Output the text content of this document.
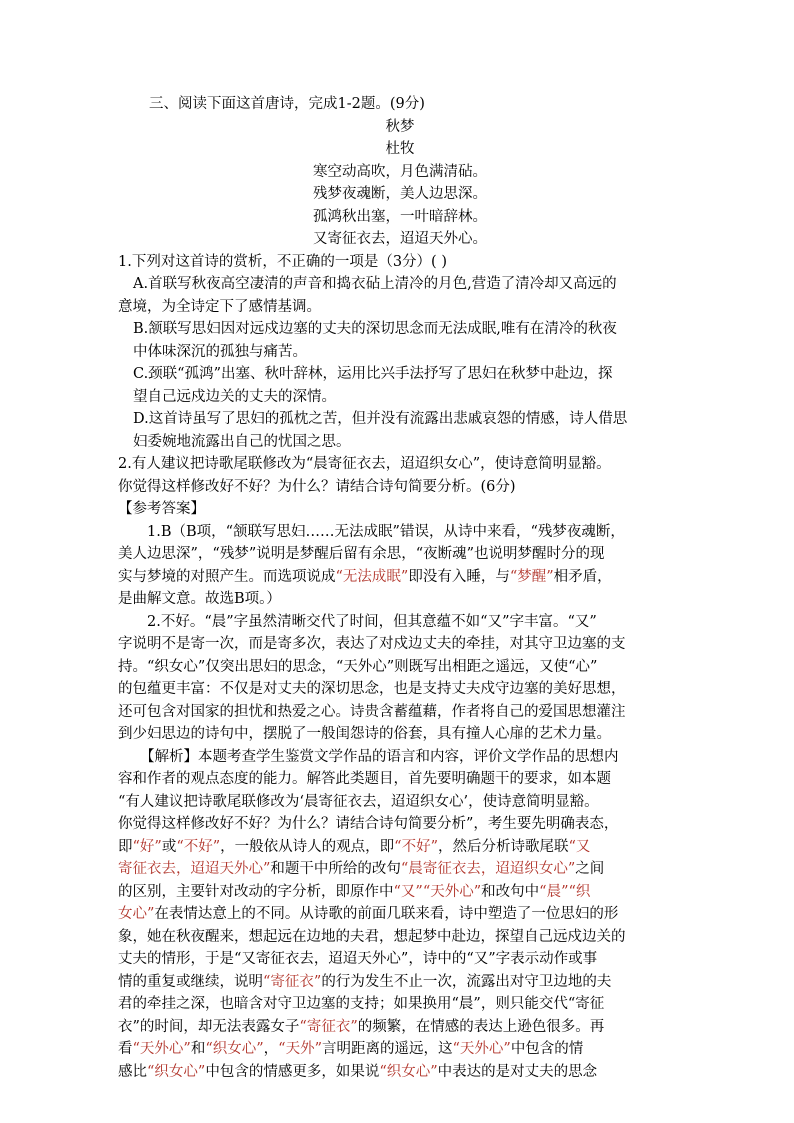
三、阅读下面这首唐诗，完成1-2题。(9分)
秋梦
杜牧
寒空动高吹，月色满清砧。
残梦夜魂断，美人边思深。
孤鸿秋出塞，一叶暗辞林。
又寄征衣去，迢迢天外心。
1.下列对这首诗的赏析，不正确的一项是（3分）( )
A.首联写秋夜高空凄清的声音和捣衣砧上清冷的月色,营造了清冷却又高远的
意境，为全诗定下了感情基调。
B.颔联写思妇因对远戍边塞的丈夫的深切思念而无法成眠,唯有在清冷的秋夜
中体味深沉的孤独与痛苦。
C.颈联“孤鸿”出塞、秋叶辞林，运用比兴手法抒写了思妇在秋梦中赴边，探
望自己远戍边关的丈夫的深情。
D.这首诗虽写了思妇的孤枕之苦，但并没有流露出悲戚哀怨的情感，诗人借思
妇委婉地流露出自己的忧国之思。
2.有人建议把诗歌尾联修改为“晨寄征衣去，迢迢织女心”，使诗意简明显豁。
你觉得这样修改好不好？为什么？请结合诗句简要分析。(6分)
【参考答案】
1.B（B项，“颔联写思妇……无法成眠”错误，从诗中来看，“残梦夜魂断，
美人边思深”，“残梦”说明是梦醒后留有余思，“夜断魂”也说明梦醒时分的现
实与梦境的对照产生。而选项说成“无法成眠”即没有入睡，与“梦醒”相矛盾，
是曲解文意。故选B项。）
2.不好。“晨”字虽然清晰交代了时间，但其意蕴不如“又”字丰富。“又”
字说明不是寄一次，而是寄多次，表达了对戍边丈夫的牵挂，对其守卫边塞的支
持。“织女心”仅突出思妇的思念，“天外心”则既写出相距之遥远，又使“心”
的包蕴更丰富：不仅是对丈夫的深切思念，也是支持丈夫戍守边塞的美好思想，
还可包含对国家的担忧和热爱之心。诗贵含蓄蕴藉，作者将自己的爱国思想灌注
到少妇思边的诗句中，摆脱了一般闺怨诗的俗套，具有撞人心扉的艺术力量。
【解析】本题考查学生鉴赏文学作品的语言和内容，评价文学作品的思想内
容和作者的观点态度的能力。解答此类题目，首先要明确题干的要求，如本题
“有人建议把诗歌尾联修改为‘晨寄征衣去，迢迢织女心’，使诗意简明显豁。
你觉得这样修改好不好？为什么？请结合诗句简要分析”，考生要先明确表态，
即“好”或“不好”，一般依从诗人的观点，即“不好”，然后分析诗歌尾联“又
寄征衣去，迢迢天外心”和题干中所给的改句“晨寄征衣去，迢迢织女心”之间
的区别，主要针对改动的字分析，即原作中“又”“天外心”和改句中“晨”“织
女心”在表情达意上的不同。从诗歌的前面几联来看，诗中塑造了一位思妇的形
象，她在秋夜醒来，想起远在边地的夫君，想起梦中赴边，探望自己远戍边关的
丈夫的情形，于是“又寄征衣去，迢迢天外心”，诗中的“又”字表示动作或事
情的重复或继续，说明“寄征衣”的行为发生不止一次，流露出对守卫边地的夫
君的牵挂之深，也暗含对守卫边塞的支持；如果换用“晨”，则只能交代“寄征
衣”的时间，却无法表露女子“寄征衣”的频繁，在情感的表达上逊色很多。再
看“天外心”和“织女心”，“天外”言明距离的遥远，这“天外心”中包含的情
感比“织女心”中包含的情感更多，如果说“织女心”中表达的是对丈夫的思念
